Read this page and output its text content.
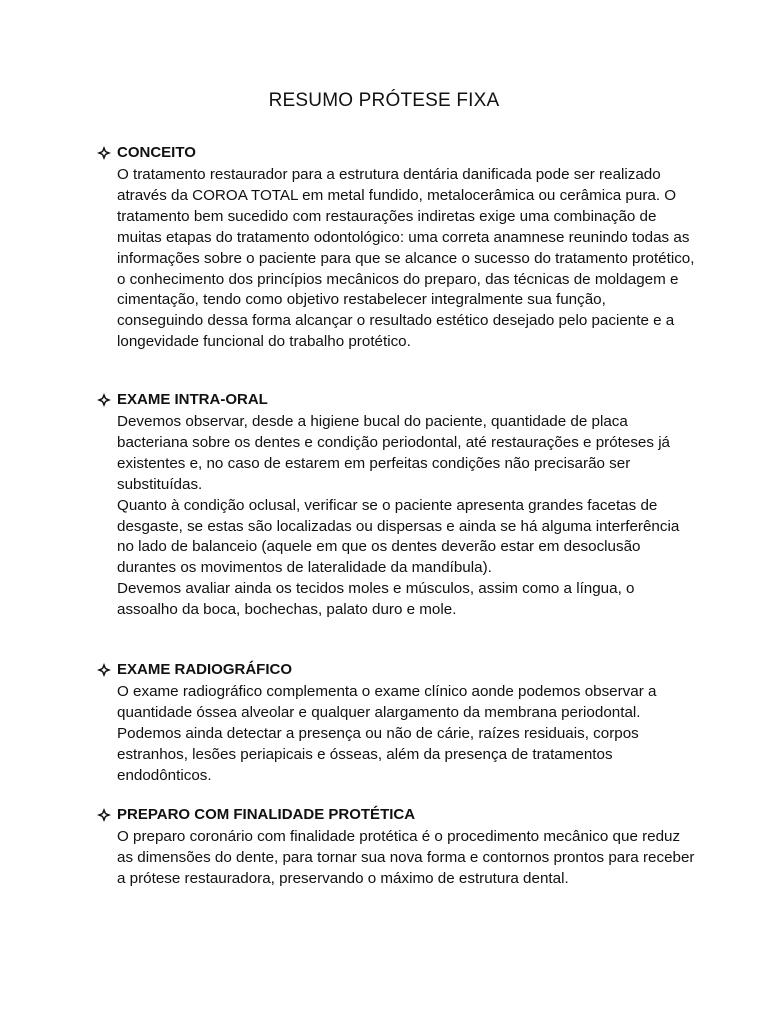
RESUMO PRÓTESE FIXA
CONCEITO

O tratamento restaurador para a estrutura dentária danificada pode ser realizado através da COROA TOTAL em metal fundido, metalocerâmica ou cerâmica pura. O tratamento bem sucedido com restaurações indiretas exige uma combinação de muitas etapas do tratamento odontológico: uma correta anamnese reunindo todas as informações sobre o paciente para que se alcance o sucesso do tratamento protético, o conhecimento dos princípios mecânicos do preparo, das técnicas de moldagem e cimentação, tendo como objetivo restabelecer integralmente sua função, conseguindo dessa forma alcançar o resultado estético desejado pelo paciente e a longevidade funcional do trabalho protético.

EXAME INTRA-ORAL

Devemos observar, desde a higiene bucal do paciente, quantidade de placa bacteriana sobre os dentes e condição periodontal, até restaurações e próteses já existentes e, no caso de estarem em perfeitas condições não precisarão ser substituídas.

Quanto à condição oclusal, verificar se o paciente apresenta grandes facetas de desgaste, se estas são localizadas ou dispersas e ainda se há alguma interferência no lado de balanceio (aquele em que os dentes deverão estar em desoclusão durantes os movimentos de lateralidade da mandíbula).

Devemos avaliar ainda os tecidos moles e músculos, assim como a língua, o assoalho da boca, bochechas, palato duro e mole.

EXAME RADIOGRÁFICO

O exame radiográfico complementa o exame clínico aonde podemos observar a quantidade óssea alveolar e qualquer alargamento da membrana periodontal. Podemos ainda detectar a presença ou não de cárie, raízes residuais, corpos estranhos, lesões periapicais e ósseas, além da presença de tratamentos endodônticos.

PREPARO COM FINALIDADE PROTÉTICA

O preparo coronário com finalidade protética é o procedimento mecânico que reduz as dimensões do dente, para tornar sua nova forma e contornos prontos para receber a prótese restauradora, preservando o máximo de estrutura dental.
